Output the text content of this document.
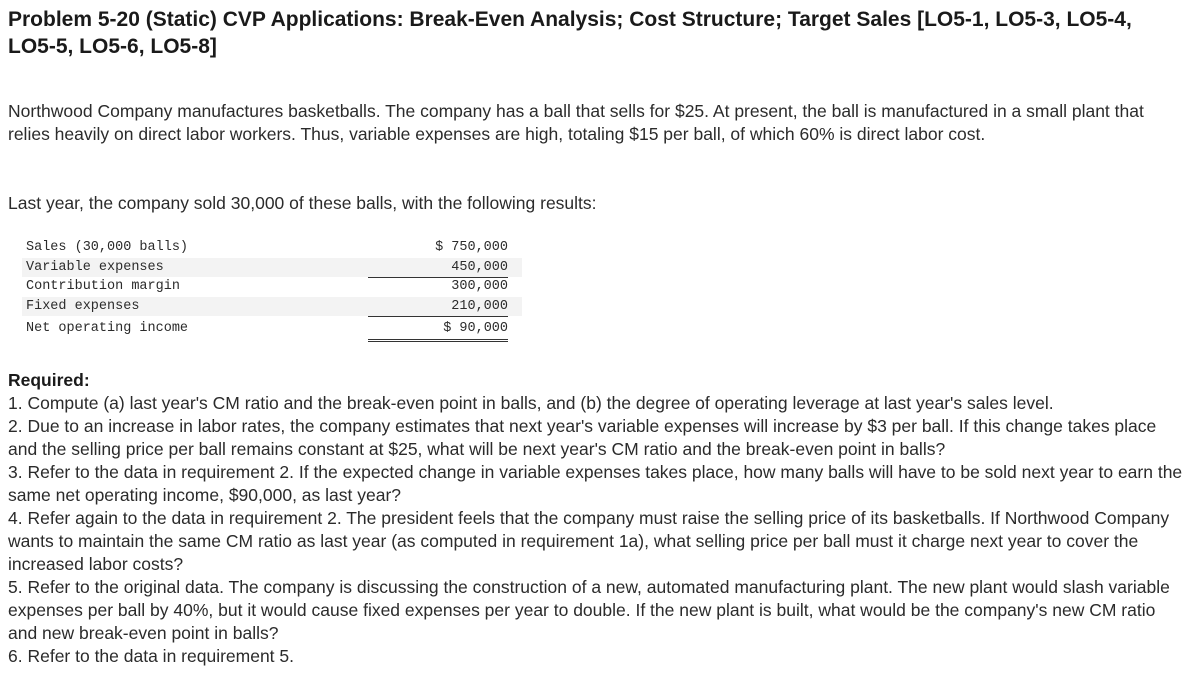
Problem 5-20 (Static) CVP Applications: Break-Even Analysis; Cost Structure; Target Sales [LO5-1, LO5-3, LO5-4, LO5-5, LO5-6, LO5-8]

Northwood Company manufactures basketballs. The company has a ball that sells for $25. At present, the ball is manufactured in a small plant that relies heavily on direct labor workers. Thus, variable expenses are high, totaling $15 per ball, of which 60% is direct labor cost.

Last year, the company sold 30,000 of these balls, with the following results:

Sales (30,000 balls)	$ 750,000
Variable expenses	450,000
Contribution margin	300,000
Fixed expenses	210,000
Net operating income	$ 90,000
Required:

1. Compute (a) last year's CM ratio and the break-even point in balls, and (b) the degree of operating leverage at last year's sales level.

2. Due to an increase in labor rates, the company estimates that next year's variable expenses will increase by $3 per ball. If this change takes place and the selling price per ball remains constant at $25, what will be next year's CM ratio and the break-even point in balls?

3. Refer to the data in requirement 2. If the expected change in variable expenses takes place, how many balls will have to be sold next year to earn the same net operating income, $90,000, as last year?

4. Refer again to the data in requirement 2. The president feels that the company must raise the selling price of its basketballs. If Northwood Company wants to maintain the same CM ratio as last year (as computed in requirement 1a), what selling price per ball must it charge next year to cover the increased labor costs?

5. Refer to the original data. The company is discussing the construction of a new, automated manufacturing plant. The new plant would slash variable expenses per ball by 40%, but it would cause fixed expenses per year to double. If the new plant is built, what would be the company's new CM ratio and new break-even point in balls?

6. Refer to the data in requirement 5.
